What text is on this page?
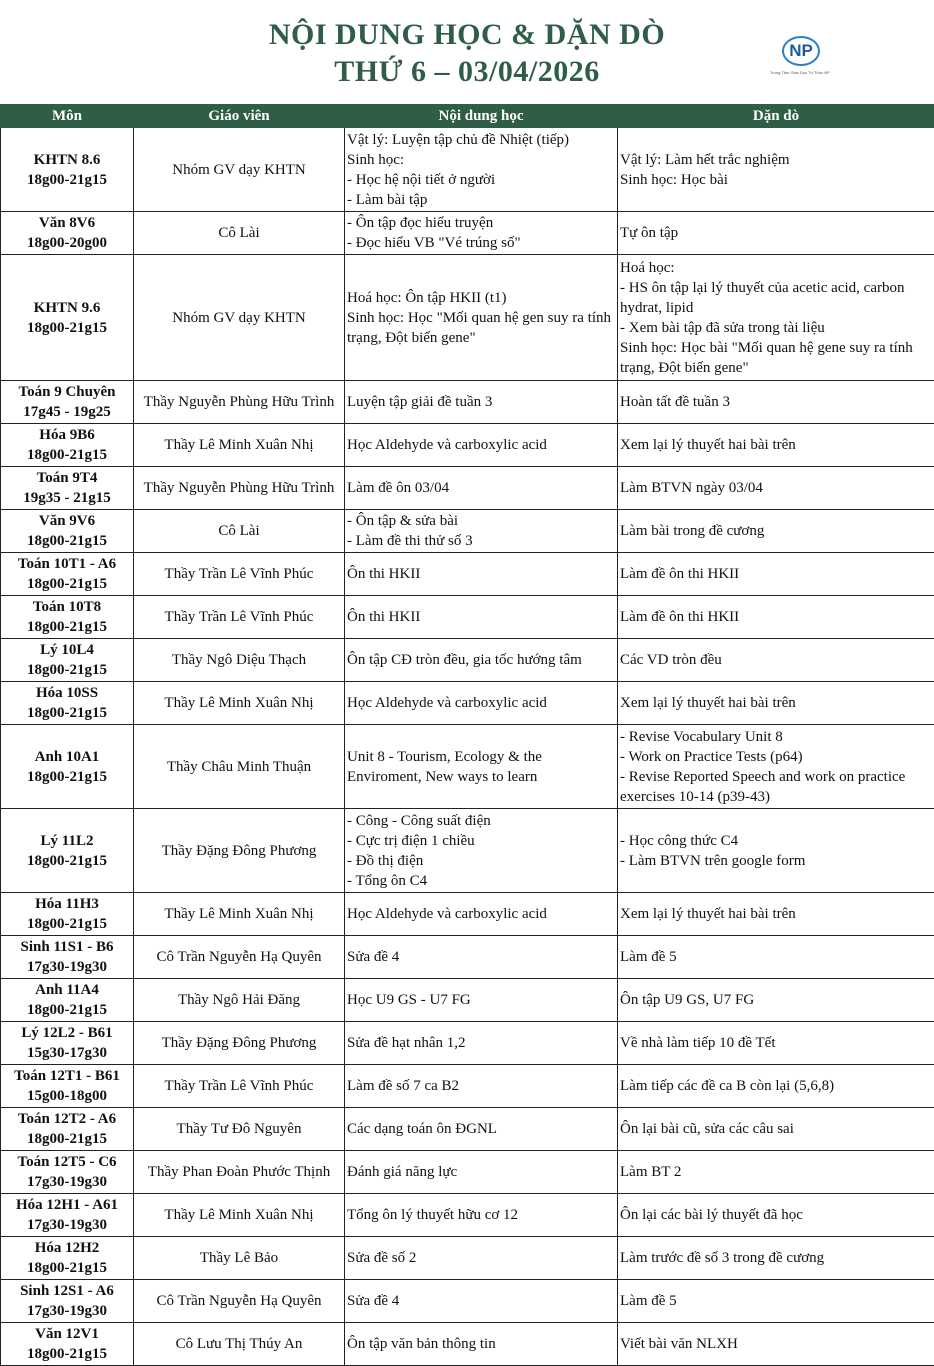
NỘI DUNG HỌC & DẶN DÒ
THỨ 6 – 03/04/2026
NP
Trung Tâm Giáo Dục Trí Thức NP
Môn	Giáo viên	Nội dung học	Dặn dò

KHTN 8.6
18g00-21g15	Nhóm GV dạy KHTN	Vật lý: Luyện tập chủ đề Nhiệt (tiếp)
Sinh học:
- Học hệ nội tiết ở người
- Làm bài tập	Vật lý: Làm hết trắc nghiệm
Sinh học: Học bài

Văn 8V6
18g00-20g00	Cô Lài	- Ôn tập đọc hiểu truyện
- Đọc hiểu VB "Vé trúng số"	Tự ôn tập

KHTN 9.6
18g00-21g15	Nhóm GV dạy KHTN	Hoá học: Ôn tập HKII (t1)
Sinh học: Học "Mối quan hệ gen suy ra tính trạng, Đột biến gene"	Hoá học:
- HS ôn tập lại lý thuyết của acetic acid, carbon hydrat, lipid
- Xem bài tập đã sửa trong tài liệu
Sinh học: Học bài "Mối quan hệ gene suy ra tính trạng, Đột biến gene"

Toán 9 Chuyên
17g45 - 19g25	Thầy Nguyễn Phùng Hữu Trình	Luyện tập giải đề tuần 3	Hoàn tất đề tuần 3

Hóa 9B6
18g00-21g15	Thầy Lê Minh Xuân Nhị	Học Aldehyde và carboxylic acid	Xem lại lý thuyết hai bài trên

Toán 9T4
19g35 - 21g15	Thầy Nguyễn Phùng Hữu Trình	Làm đề ôn 03/04	Làm BTVN ngày 03/04

Văn 9V6
18g00-21g15	Cô Lài	- Ôn tập & sửa bài
- Làm đề thi thử số 3	Làm bài trong đề cương

Toán 10T1 - A6
18g00-21g15	Thầy Trần Lê Vĩnh Phúc	Ôn thi HKII	Làm đề ôn thi HKII

Toán 10T8
18g00-21g15	Thầy Trần Lê Vĩnh Phúc	Ôn thi HKII	Làm đề ôn thi HKII

Lý 10L4
18g00-21g15	Thầy Ngô Diệu Thạch	Ôn tập CĐ tròn đều, gia tốc hướng tâm	Các VD tròn đều

Hóa 10SS
18g00-21g15	Thầy Lê Minh Xuân Nhị	Học Aldehyde và carboxylic acid	Xem lại lý thuyết hai bài trên

Anh 10A1
18g00-21g15	Thầy Châu Minh Thuận	Unit 8 - Tourism, Ecology & the Enviroment, New ways to learn	- Revise Vocabulary Unit 8
- Work on Practice Tests (p64)
- Revise Reported Speech and work on practice exercises 10-14 (p39-43)

Lý 11L2
18g00-21g15	Thầy Đặng Đông Phương	- Công - Công suất điện
- Cực trị điện 1 chiều
- Đồ thị điện
- Tổng ôn C4	- Học công thức C4
- Làm BTVN trên google form

Hóa 11H3
18g00-21g15	Thầy Lê Minh Xuân Nhị	Học Aldehyde và carboxylic acid	Xem lại lý thuyết hai bài trên

Sinh 11S1 - B6
17g30-19g30	Cô Trần Nguyễn Hạ Quyên	Sửa đề 4	Làm đề 5

Anh 11A4
18g00-21g15	Thầy Ngô Hải Đăng	Học U9 GS - U7 FG	Ôn tập U9 GS, U7 FG

Lý 12L2 - B61
15g30-17g30	Thầy Đặng Đông Phương	Sửa đề hạt nhân 1,2	Về nhà làm tiếp 10 đề Tết

Toán 12T1 - B61
15g00-18g00	Thầy Trần Lê Vĩnh Phúc	Làm đề số 7 ca B2	Làm tiếp các đề ca B còn lại (5,6,8)

Toán 12T2 - A6
18g00-21g15	Thầy Tư Đô Nguyên	Các dạng toán ôn ĐGNL	Ôn lại bài cũ, sửa các câu sai

Toán 12T5 - C6
17g30-19g30	Thầy Phan Đoàn Phước Thịnh	Đánh giá năng lực	Làm BT 2

Hóa 12H1 - A61
17g30-19g30	Thầy Lê Minh Xuân Nhị	Tổng ôn lý thuyết hữu cơ 12	Ôn lại các bài lý thuyết đã học

Hóa 12H2
18g00-21g15	Thầy Lê Bảo	Sửa đề số 2	Làm trước đề số 3 trong đề cương

Sinh 12S1 - A6
17g30-19g30	Cô Trần Nguyễn Hạ Quyên	Sửa đề 4	Làm đề 5

Văn 12V1
18g00-21g15	Cô Lưu Thị Thúy An	Ôn tập văn bản thông tin	Viết bài văn NLXH
